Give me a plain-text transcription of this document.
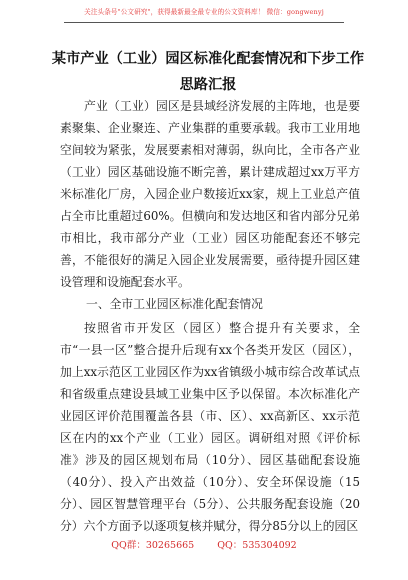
关注头条号"公文研究"，获得最新最全最专业的公文资料库！ 微信：gongwenyj
某市产业（工业）园区标准化配套情况和下步工作思路汇报

产业（工业）园区是县域经济发展的主阵地，也是要素聚集、企业聚连、产业集群的重要承载。我市工业用地空间较为紧张，发展要素相对薄弱，纵向比，全市各产业（工业）园区基础设施不断完善，累计建成超过xx万平方米标准化厂房，入园企业户数接近xx家，规上工业总产值占全市比重超过60%。但横向和发达地区和省内部分兄弟市相比，我市部分产业（工业）园区功能配套还不够完善，不能很好的满足入园企业发展需要，亟待提升园区建设管理和设施配套水平。

一、全市工业园区标准化配套情况

按照省市开发区（园区）整合提升有关要求，全市“一县一区”整合提升后现有xx个各类开发区（园区），加上xx示范区工业园区作为xx省镇级小城市综合改革试点和省级重点建设县域工业集中区予以保留。本次标准化产业园区评价范围覆盖各县（市、区）、xx高新区、xx示范区在内的xx个产业（工业）园区。调研组对照《评价标准》涉及的园区规划布局（10分）、园区基础配套设施（40分）、投入产出效益（10分）、安全环保设施（15分）、园区智慧管理平台（5分）、公共服务配套设施（20分）六个方面予以逐项复核并赋分，得分85分以上的园区

QQ群：30265665 QQ：535304092
